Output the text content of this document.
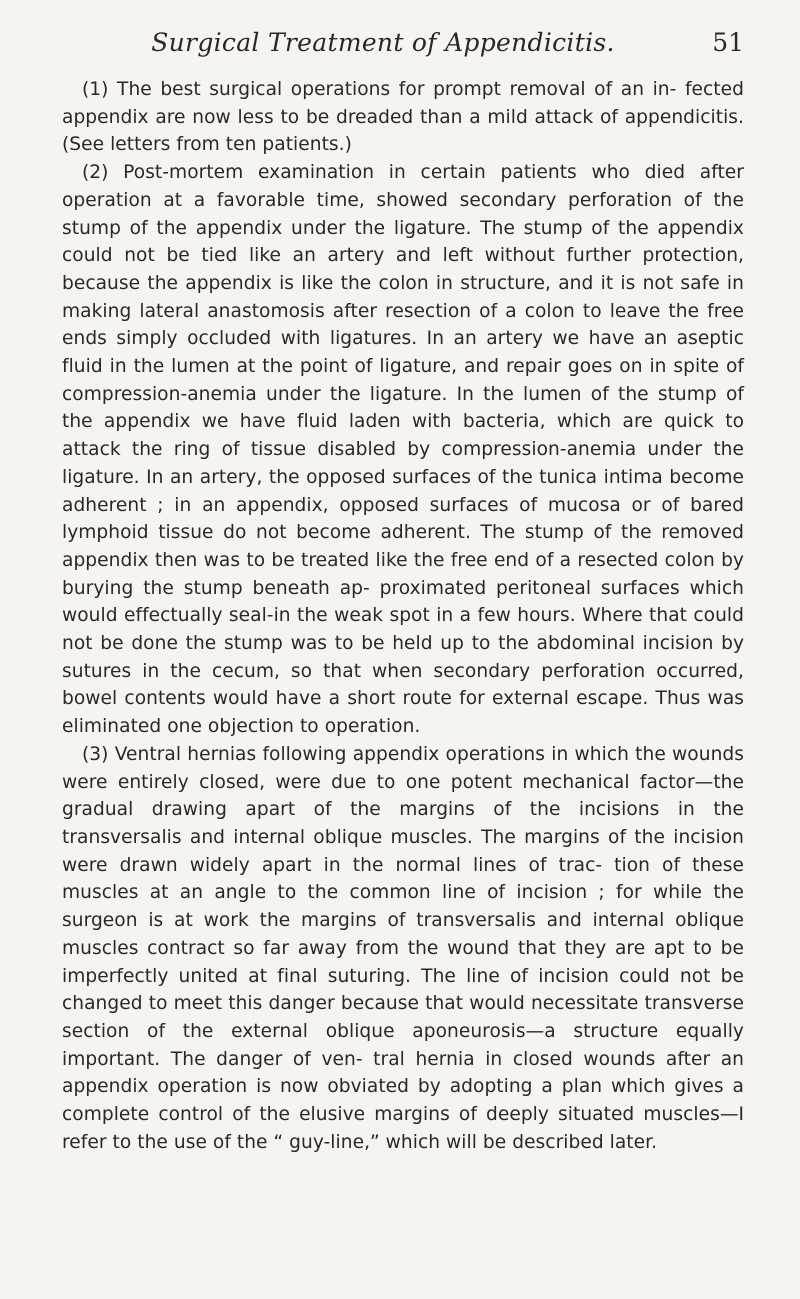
Surgical Treatment of Appendicitis.	51

(1) The best surgical operations for prompt removal of an in- fected appendix are now less to be dreaded than a mild attack of appendicitis. (See letters from ten patients.)

(2) Post-mortem examination in certain patients who died after operation at a favorable time, showed secondary perforation of the stump of the appendix under the ligature. The stump of the appendix could not be tied like an artery and left without further protection, because the appendix is like the colon in structure, and it is not safe in making lateral anastomosis after resection of a colon to leave the free ends simply occluded with ligatures. In an artery we have an aseptic fluid in the lumen at the point of ligature, and repair goes on in spite of compression-anemia under the ligature. In the lumen of the stump of the appendix we have fluid laden with bacteria, which are quick to attack the ring of tissue disabled by compression-anemia under the ligature. In an artery, the opposed surfaces of the tunica intima become adherent ; in an appendix, opposed surfaces of mucosa or of bared lymphoid tissue do not become adherent. The stump of the removed appendix then was to be treated like the free end of a resected colon by burying the stump beneath ap- proximated peritoneal surfaces which would effectually seal-in the weak spot in a few hours. Where that could not be done the stump was to be held up to the abdominal incision by sutures in the cecum, so that when secondary perforation occurred, bowel contents would have a short route for external escape. Thus was eliminated one objection to operation.

(3) Ventral hernias following appendix operations in which the wounds were entirely closed, were due to one potent mechanical factor—the gradual drawing apart of the margins of the incisions in the transversalis and internal oblique muscles. The margins of the incision were drawn widely apart in the normal lines of trac- tion of these muscles at an angle to the common line of incision ; for while the surgeon is at work the margins of transversalis and internal oblique muscles contract so far away from the wound that they are apt to be imperfectly united at final suturing. The line of incision could not be changed to meet this danger because that would necessitate transverse section of the external oblique aponeurosis—a structure equally important. The danger of ven- tral hernia in closed wounds after an appendix operation is now obviated by adopting a plan which gives a complete control of the elusive margins of deeply situated muscles—I refer to the use of the “ guy-line,” which will be described later.
